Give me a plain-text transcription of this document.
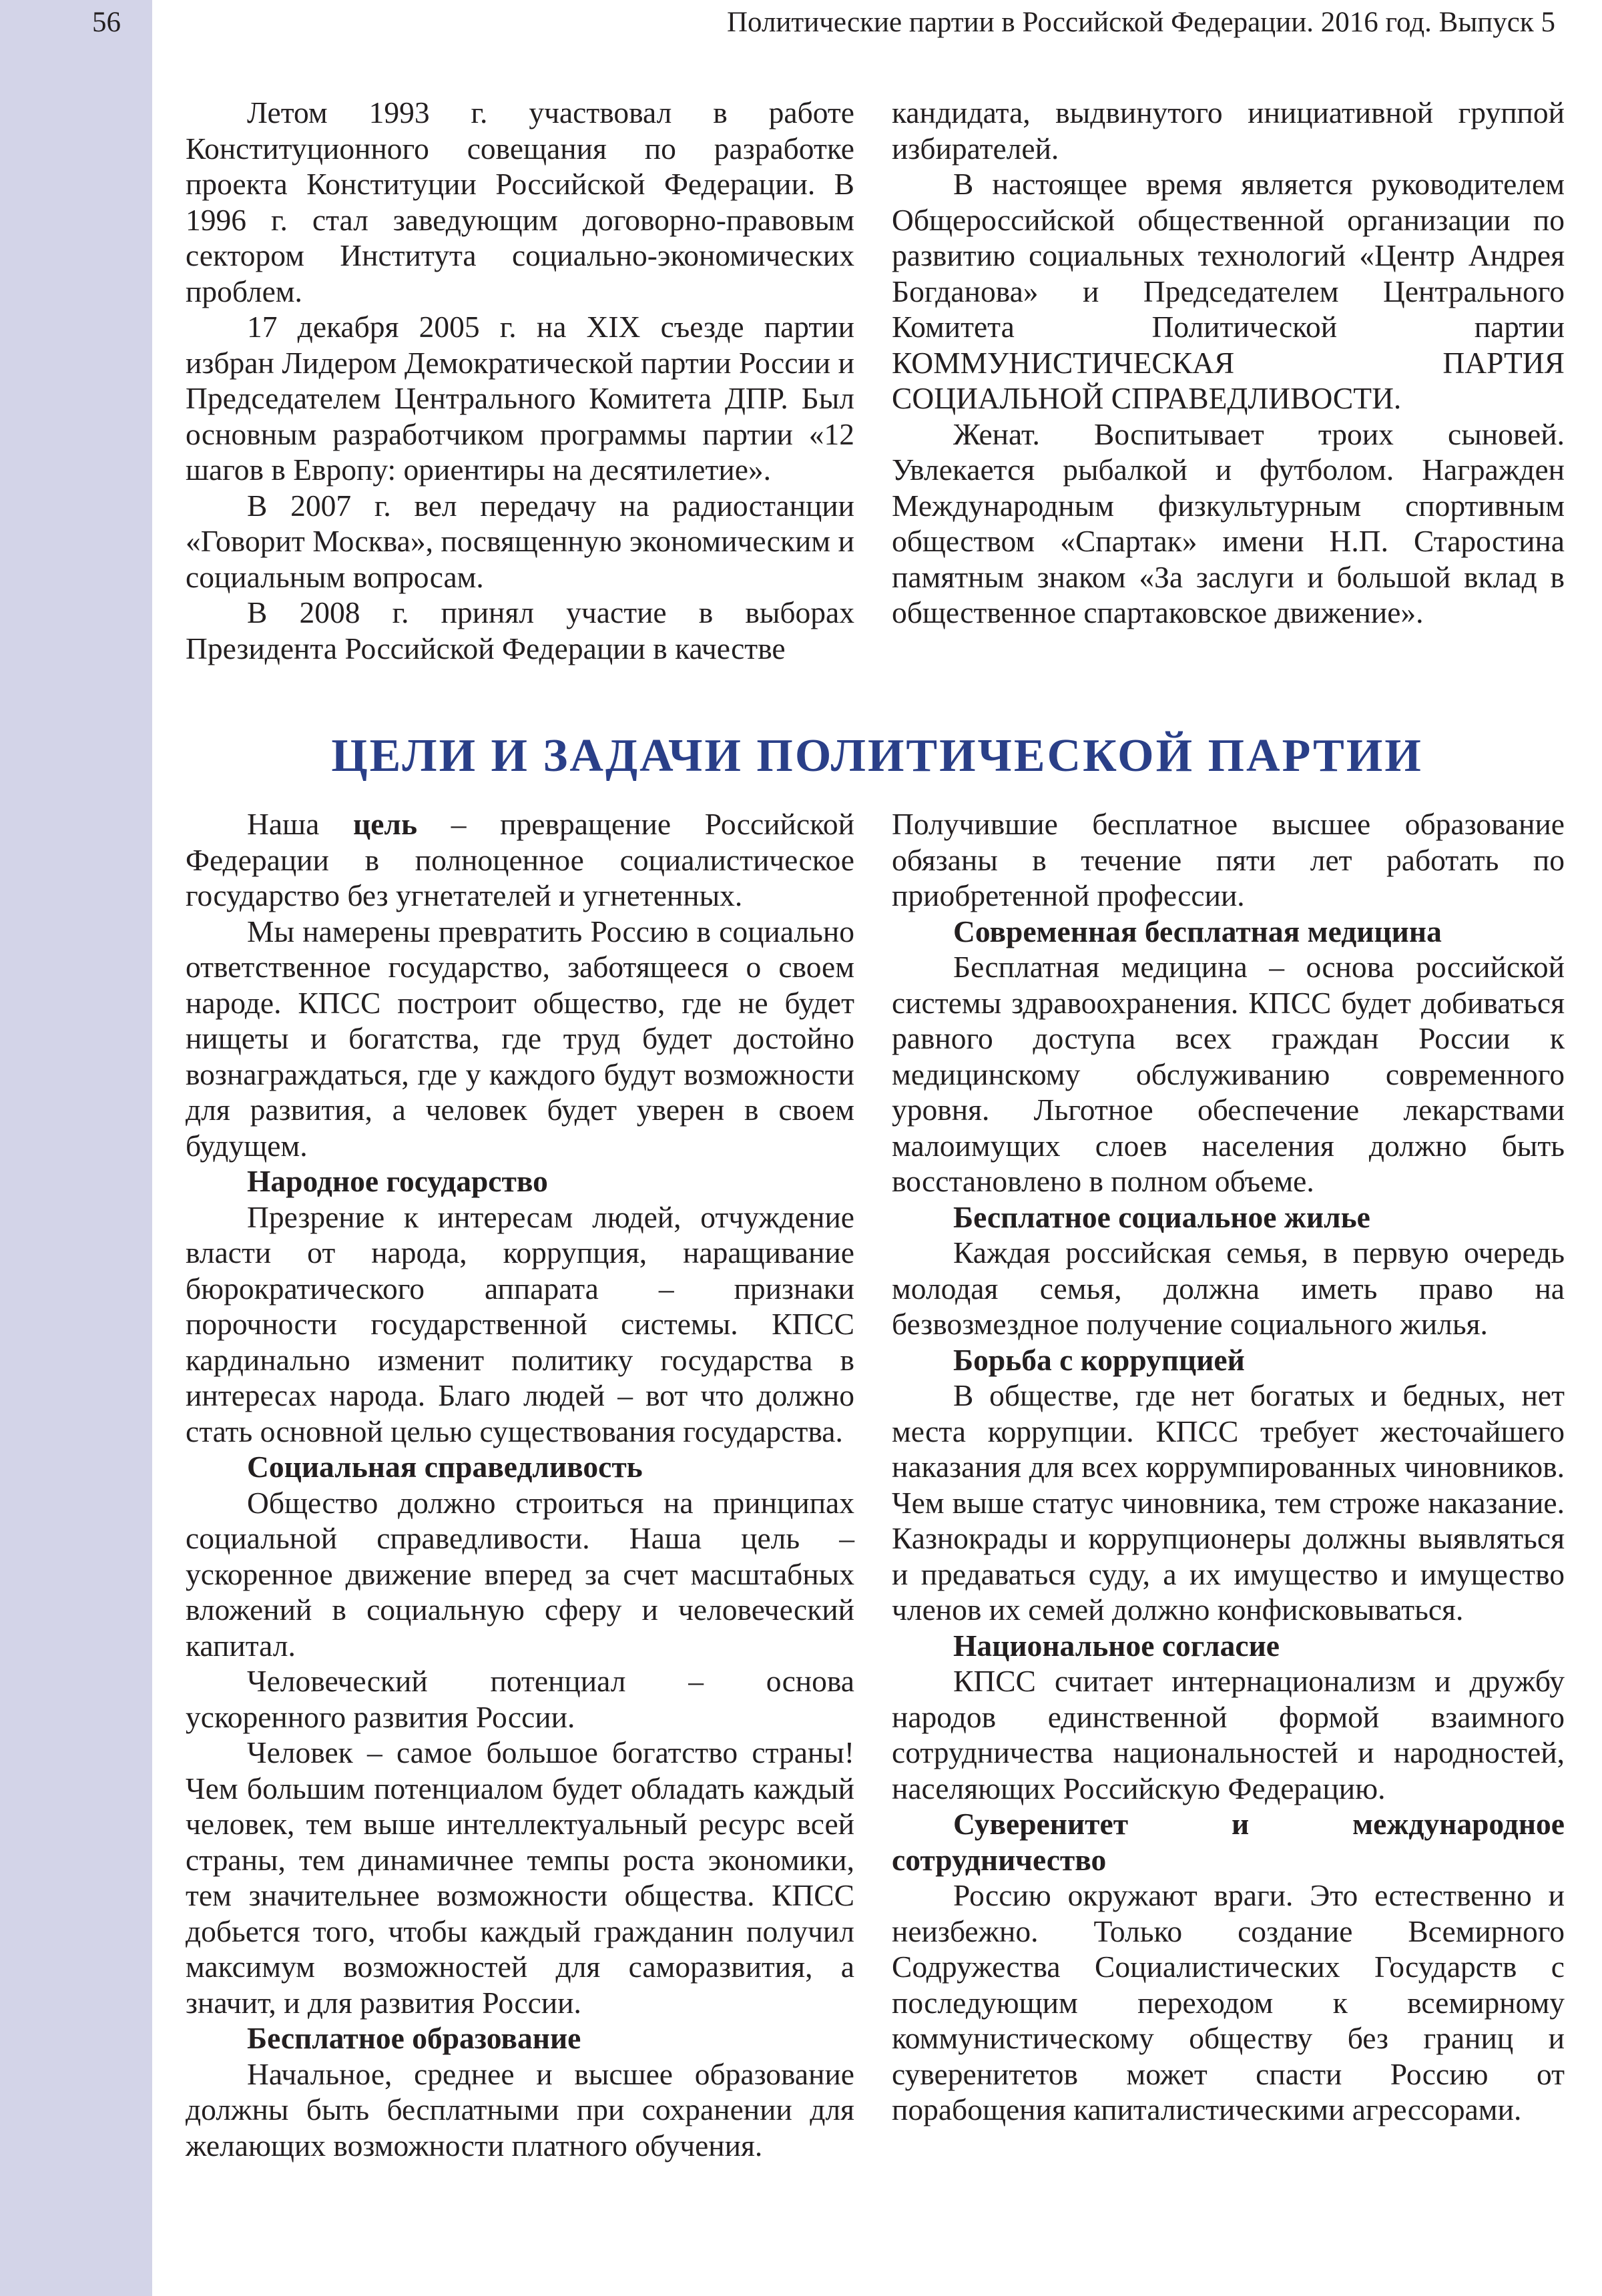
56	Политические партии в Российской Федерации. 2016 год. Выпуск 5

Летом 1993 г. участвовал в работе Конституционного совещания по разработке проекта Конституции Российской Федерации. В 1996 г. стал заведующим договорно-правовым сектором Института социально-экономических проблем.

17 декабря 2005 г. на XIX съезде партии избран Лидером Демократической партии России и Председателем Центрального Комитета ДПР. Был основным разработчиком программы партии «12 шагов в Европу: ориентиры на десятилетие».

В 2007 г. вел передачу на радиостанции «Говорит Москва», посвященную экономическим и социальным вопросам.

В 2008 г. принял участие в выборах Президента Российской Федерации в качестве

кандидата, выдвинутого инициативной группой избирателей.

В настоящее время является руководителем Общероссийской общественной организации по развитию социальных технологий «Центр Андрея Богданова» и Председателем Центрального Комитета Политической партии КОММУНИСТИЧЕСКАЯ ПАРТИЯ СОЦИАЛЬНОЙ СПРАВЕДЛИВОСТИ.

Женат. Воспитывает троих сыновей. Увлекается рыбалкой и футболом. Награжден Международным физкультурным спортивным обществом «Спартак» имени Н.П. Старостина памятным знаком «За заслуги и большой вклад в общественное спартаковское движение».

ЦЕЛИ И ЗАДАЧИ ПОЛИТИЧЕСКОЙ ПАРТИИ

Наша цель – превращение Российской Федерации в полноценное социалистическое государство без угнетателей и угнетенных.

Мы намерены превратить Россию в социально ответственное государство, заботящееся о своем народе. КПСС построит общество, где не будет нищеты и богатства, где труд будет достойно вознаграждаться, где у каждого будут возможности для развития, а человек будет уверен в своем будущем.

Народное государство

Презрение к интересам людей, отчуждение власти от народа, коррупция, наращивание бюрократического аппарата – признаки порочности государственной системы. КПСС кардинально изменит политику государства в интересах народа. Благо людей – вот что должно стать основной целью существования государства.

Социальная справедливость

Общество должно строиться на принципах социальной справедливости. Наша цель – ускоренное движение вперед за счет масштабных вложений в социальную сферу и человеческий капитал.

Человеческий потенциал – основа ускоренного развития России.

Человек – самое большое богатство страны! Чем большим потенциалом будет обладать каждый человек, тем выше интеллектуальный ресурс всей страны, тем динамичнее темпы роста экономики, тем значительнее возможности общества. КПСС добьется того, чтобы каждый гражданин получил максимум возможностей для саморазвития, а значит, и для развития России.

Бесплатное образование

Начальное, среднее и высшее образование должны быть бесплатными при сохранении для желающих возможности платного обучения.

Получившие бесплатное высшее образование обязаны в течение пяти лет работать по приобретенной профессии.

Современная бесплатная медицина

Бесплатная медицина – основа российской системы здравоохранения. КПСС будет добиваться равного доступа всех граждан России к медицинскому обслуживанию современного уровня. Льготное обеспечение лекарствами малоимущих слоев населения должно быть восстановлено в полном объеме.

Бесплатное социальное жилье

Каждая российская семья, в первую очередь молодая семья, должна иметь право на безвозмездное получение социального жилья.

Борьба с коррупцией

В обществе, где нет богатых и бедных, нет места коррупции. КПСС требует жесточайшего наказания для всех коррумпированных чиновников. Чем выше статус чиновника, тем строже наказание. Казнокрады и коррупционеры должны выявляться и предаваться суду, а их имущество и имущество членов их семей должно конфисковываться.

Национальное согласие

КПСС считает интернационализм и дружбу народов единственной формой взаимного сотрудничества национальностей и народностей, населяющих Российскую Федерацию.

Суверенитет и международное

сотрудничество

Россию окружают враги. Это естественно и неизбежно. Только создание Всемирного Содружества Социалистических Государств с последующим переходом к всемирному коммунистическому обществу без границ и суверенитетов может спасти Россию от порабощения капиталистическими агрессорами.
